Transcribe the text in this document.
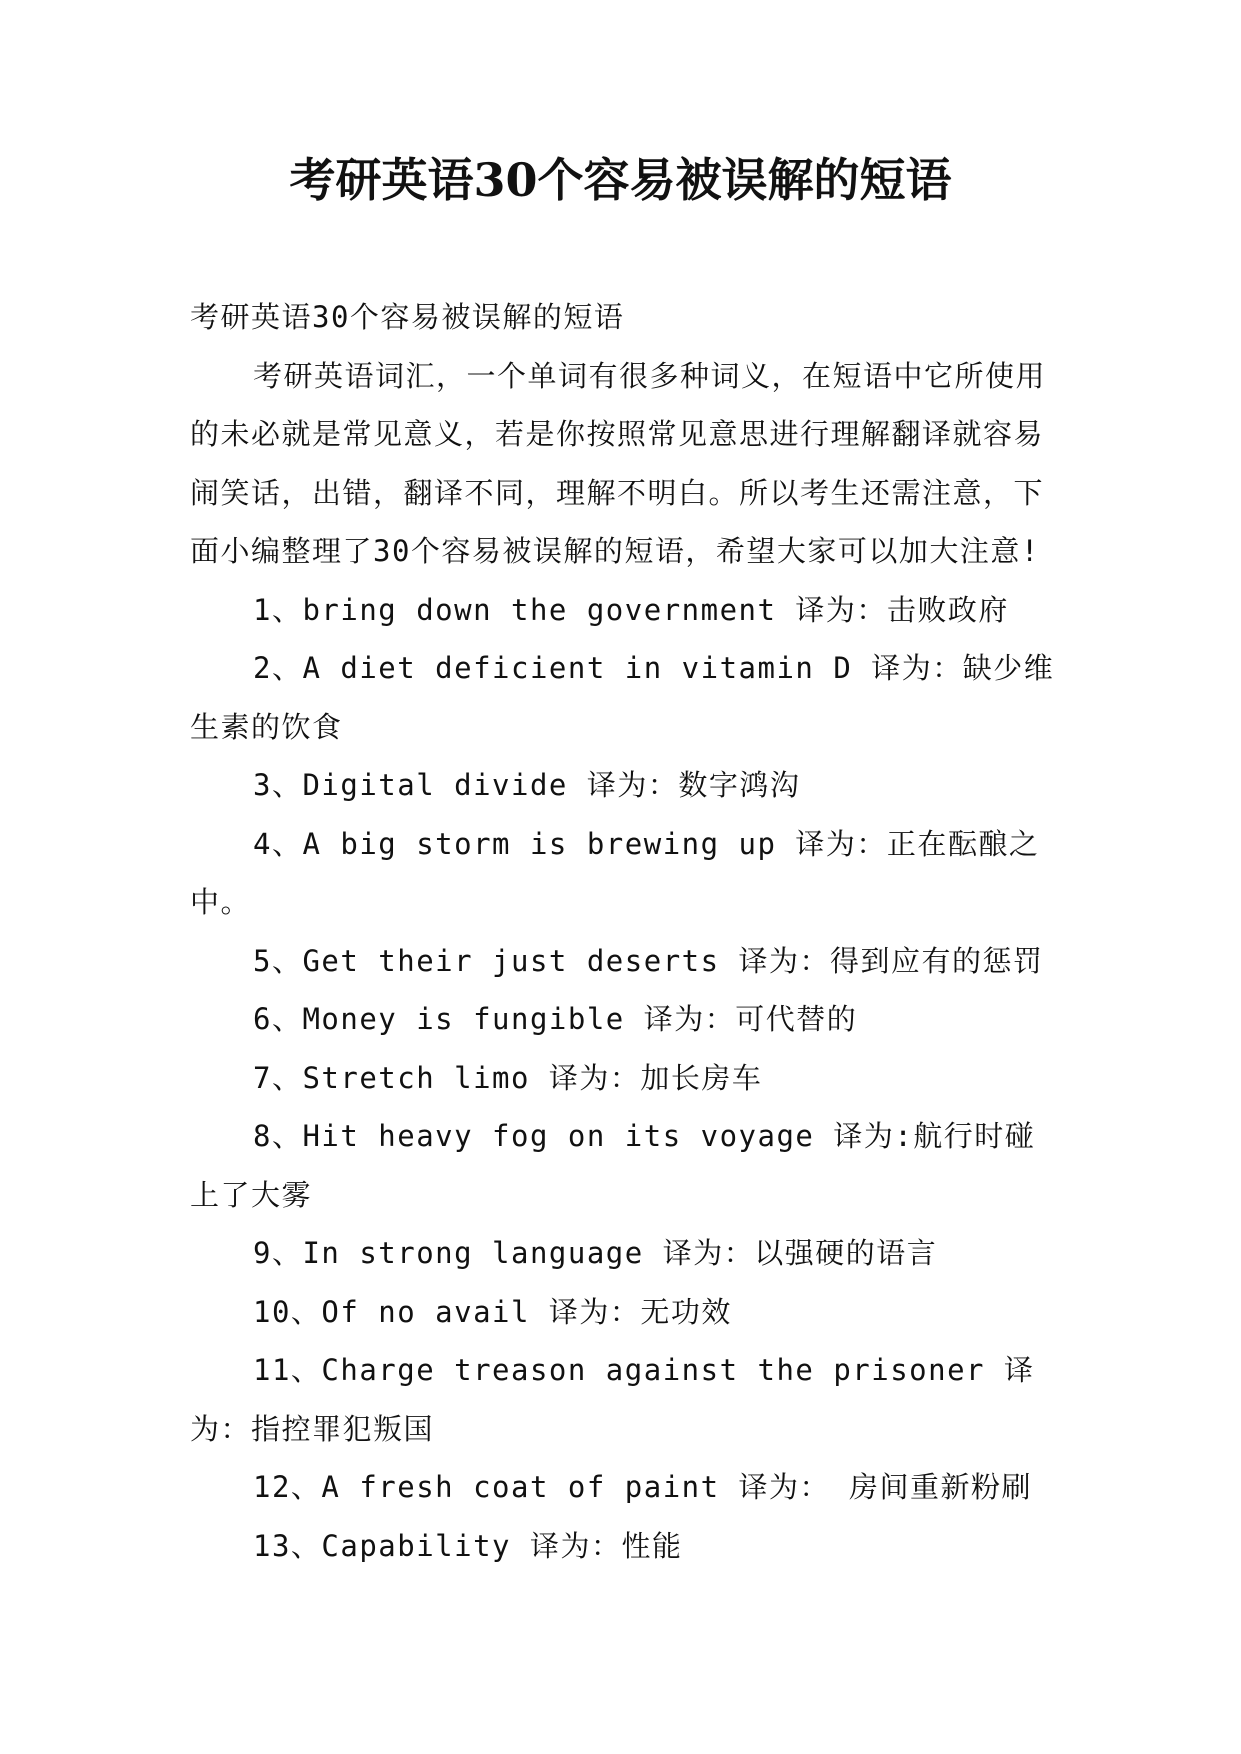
考研英语30个容易被误解的短语

考研英语30个容易被误解的短语

考研英语词汇，一个单词有很多种词义，在短语中它所使用的未必就是常见意义，若是你按照常见意思进行理解翻译就容易闹笑话，出错，翻译不同，理解不明白。所以考生还需注意，下面小编整理了30个容易被误解的短语，希望大家可以加大注意!

1、bring down the government 译为：击败政府

2、A diet deficient in vitamin D 译为：缺少维生素的饮食

3、Digital divide 译为：数字鸿沟

4、A big storm is brewing up 译为：正在酝酿之中。

5、Get their just deserts 译为：得到应有的惩罚

6、Money is fungible 译为：可代替的

7、Stretch limo 译为：加长房车

8、Hit heavy fog on its voyage 译为:航行时碰上了大雾

9、In strong language 译为：以强硬的语言

10、Of no avail 译为：无功效

11、Charge treason against the prisoner 译为：指控罪犯叛国

12、A fresh coat of paint 译为： 房间重新粉刷

13、Capability 译为：性能
